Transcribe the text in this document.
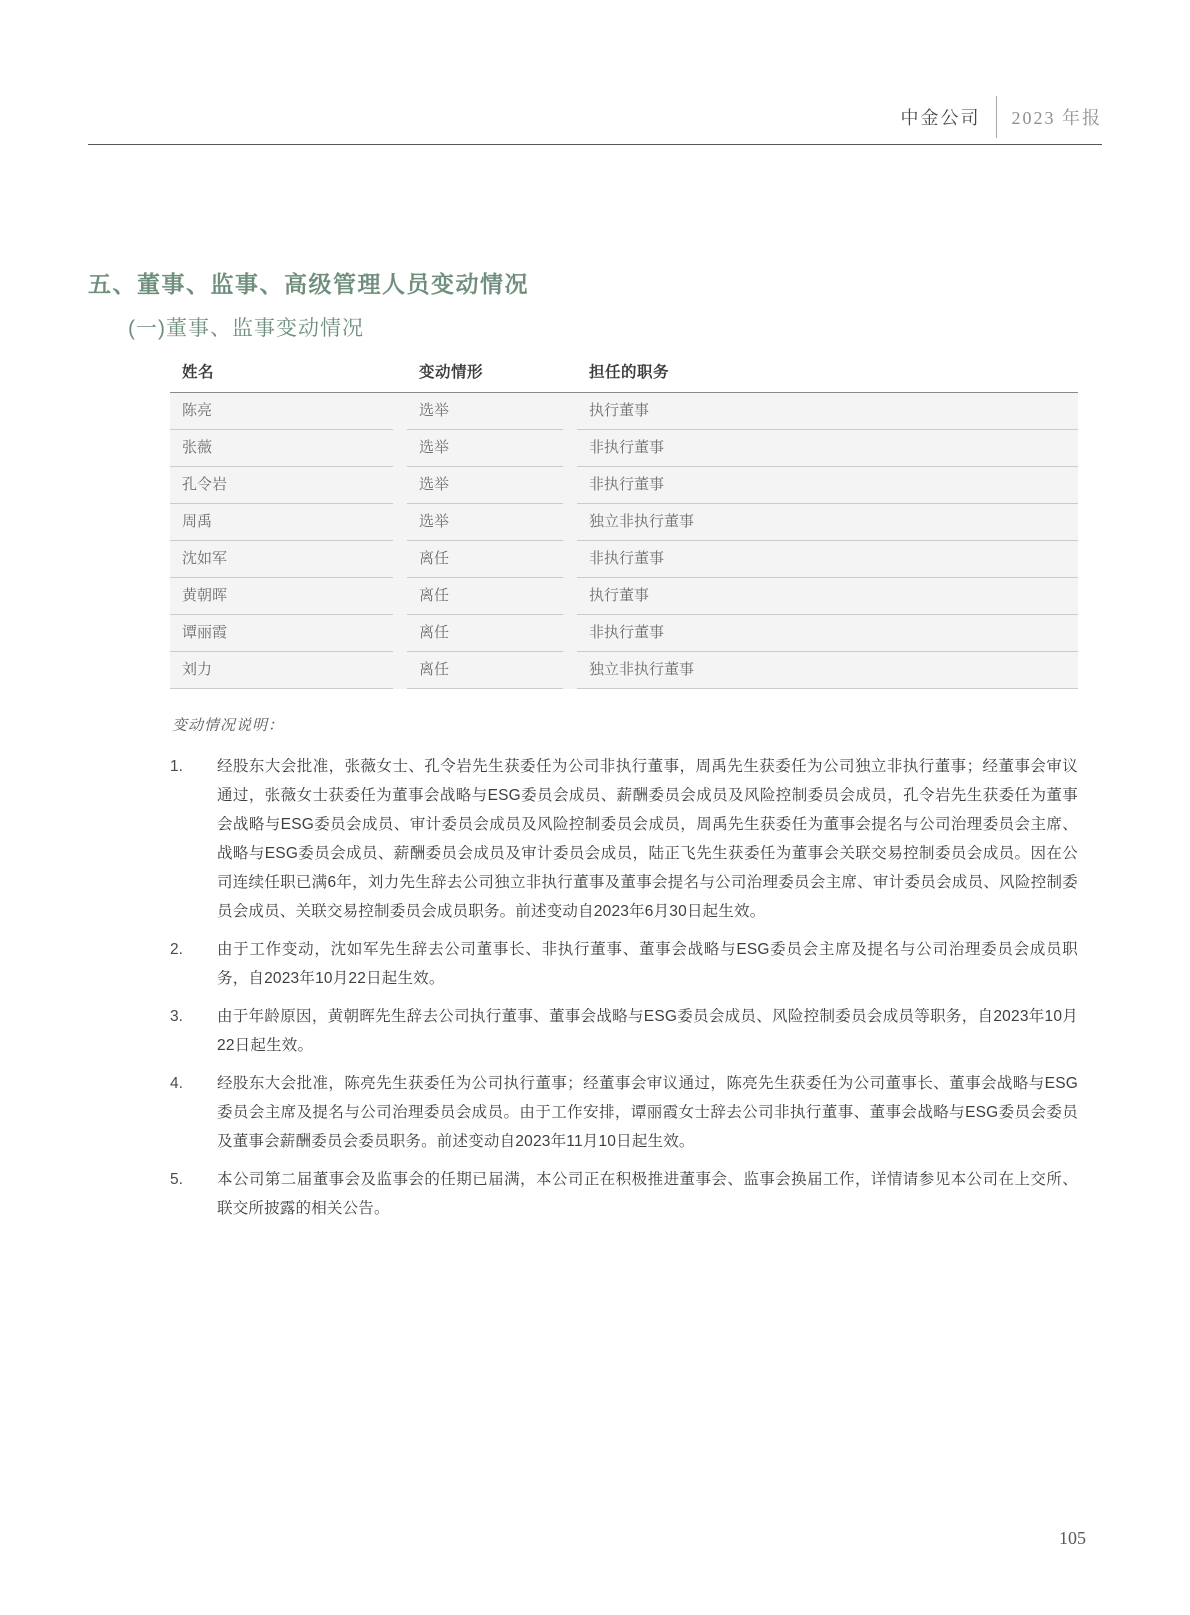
中金公司 2023 年报
五、董事、监事、高级管理人员变动情况
(一)董事、监事变动情况
姓名	变动情形	担任的职务
陈亮	选举	执行董事
张薇	选举	非执行董事
孔令岩	选举	非执行董事
周禹	选举	独立非执行董事
沈如军	离任	非执行董事
黄朝晖	离任	执行董事
谭丽霞	离任	非执行董事
刘力	离任	独立非执行董事
变动情况说明：
1.	经股东大会批准，张薇女士、孔令岩先生获委任为公司非执行董事，周禹先生获委任为公司独立非执行董事；经董事会审议通过，张薇女士获委任为董事会战略与ESG委员会成员、薪酬委员会成员及风险控制委员会成员，孔令岩先生获委任为董事会战略与ESG委员会成员、审计委员会成员及风险控制委员会成员，周禹先生获委任为董事会提名与公司治理委员会主席、战略与ESG委员会成员、薪酬委员会成员及审计委员会成员，陆正飞先生获委任为董事会关联交易控制委员会成员。因在公司连续任职已满6年，刘力先生辞去公司独立非执行董事及董事会提名与公司治理委员会主席、审计委员会成员、风险控制委员会成员、关联交易控制委员会成员职务。前述变动自2023年6月30日起生效。
2.	由于工作变动，沈如军先生辞去公司董事长、非执行董事、董事会战略与ESG委员会主席及提名与公司治理委员会成员职务，自2023年10月22日起生效。
3.	由于年龄原因，黄朝晖先生辞去公司执行董事、董事会战略与ESG委员会成员、风险控制委员会成员等职务，自2023年10月22日起生效。
4.	经股东大会批准，陈亮先生获委任为公司执行董事；经董事会审议通过，陈亮先生获委任为公司董事长、董事会战略与ESG委员会主席及提名与公司治理委员会成员。由于工作安排，谭丽霞女士辞去公司非执行董事、董事会战略与ESG委员会委员及董事会薪酬委员会委员职务。前述变动自2023年11月10日起生效。
5.	本公司第二届董事会及监事会的任期已届满，本公司正在积极推进董事会、监事会换届工作，详情请参见本公司在上交所、联交所披露的相关公告。
105
